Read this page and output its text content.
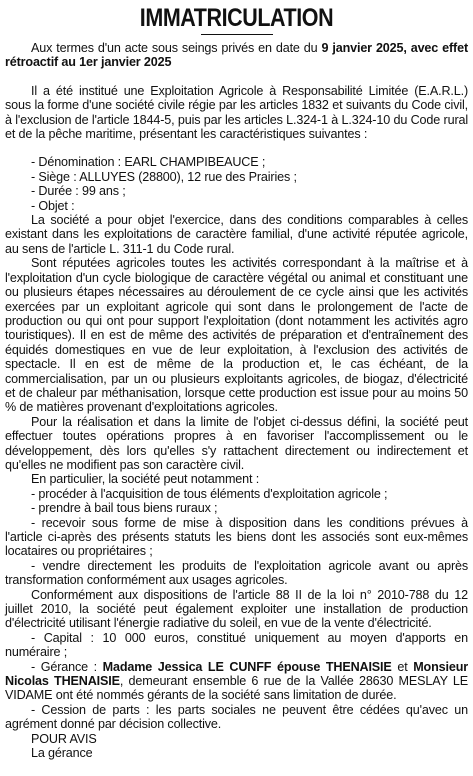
IMMATRICULATION

Aux termes d'un acte sous seings privés en date du 9 janvier 2025, avec effet rétroactif au 1er janvier 2025

Il a été institué une Exploitation Agricole à Responsabilité Limitée (E.A.R.L.) sous la forme d'une société civile régie par les articles 1832 et suivants du Code civil, à l'exclusion de l'article 1844-5, puis par les articles L.324-1 à L.324-10 du Code rural et de la pêche maritime, présentant les caractéristiques suivantes :

- Dénomination : EARL CHAMPIBEAUCE ;

- Siège : ALLUYES (28800), 12 rue des Prairies ;

- Durée : 99 ans ;

- Objet :

La société a pour objet l'exercice, dans des conditions comparables à celles existant dans les exploitations de caractère familial, d'une activité réputée agricole, au sens de l'article L. 311-1 du Code rural.

Sont réputées agricoles toutes les activités correspondant à la maîtrise et à l'exploitation d'un cycle biologique de caractère végétal ou animal et constituant une ou plusieurs étapes nécessaires au déroulement de ce cycle ainsi que les activités exercées par un exploitant agricole qui sont dans le prolongement de l'acte de production ou qui ont pour support l'exploitation (dont notamment les activités agro touristiques). Il en est de même des activités de préparation et d'entraînement des équidés domestiques en vue de leur exploitation, à l'exclusion des activités de spectacle. Il en est de même de la production et, le cas échéant, de la commercialisation, par un ou plusieurs exploitants agricoles, de biogaz, d'électricité et de chaleur par méthanisation, lorsque cette production est issue pour au moins 50 % de matières provenant d'exploitations agricoles.

Pour la réalisation et dans la limite de l'objet ci-dessus défini, la société peut effectuer toutes opérations propres à en favoriser l'accomplissement ou le développement, dès lors qu'elles s'y rattachent directement ou indirectement et qu'elles ne modifient pas son caractère civil.

En particulier, la société peut notamment :

- procéder à l'acquisition de tous éléments d'exploitation agricole ;

- prendre à bail tous biens ruraux ;

- recevoir sous forme de mise à disposition dans les conditions prévues à l'article ci-après des présents statuts les biens dont les associés sont eux-mêmes locataires ou propriétaires ;

- vendre directement les produits de l'exploitation agricole avant ou après transformation conformément aux usages agricoles.

Conformément aux dispositions de l'article 88 II de la loi n° 2010-788 du 12 juillet 2010, la société peut également exploiter une installation de production d'électricité utilisant l'énergie radiative du soleil, en vue de la vente d'électricité.

- Capital : 10 000 euros, constitué uniquement au moyen d'apports en numéraire ;

- Gérance : Madame Jessica LE CUNFF épouse THENAISIE et Monsieur Nicolas THENAISIE, demeurant ensemble 6 rue de la Vallée 28630 MESLAY LE VIDAME ont été nommés gérants de la société sans limitation de durée.

- Cession de parts : les parts sociales ne peuvent être cédées qu'avec un agrément donné par décision collective.

POUR AVIS

La gérance
